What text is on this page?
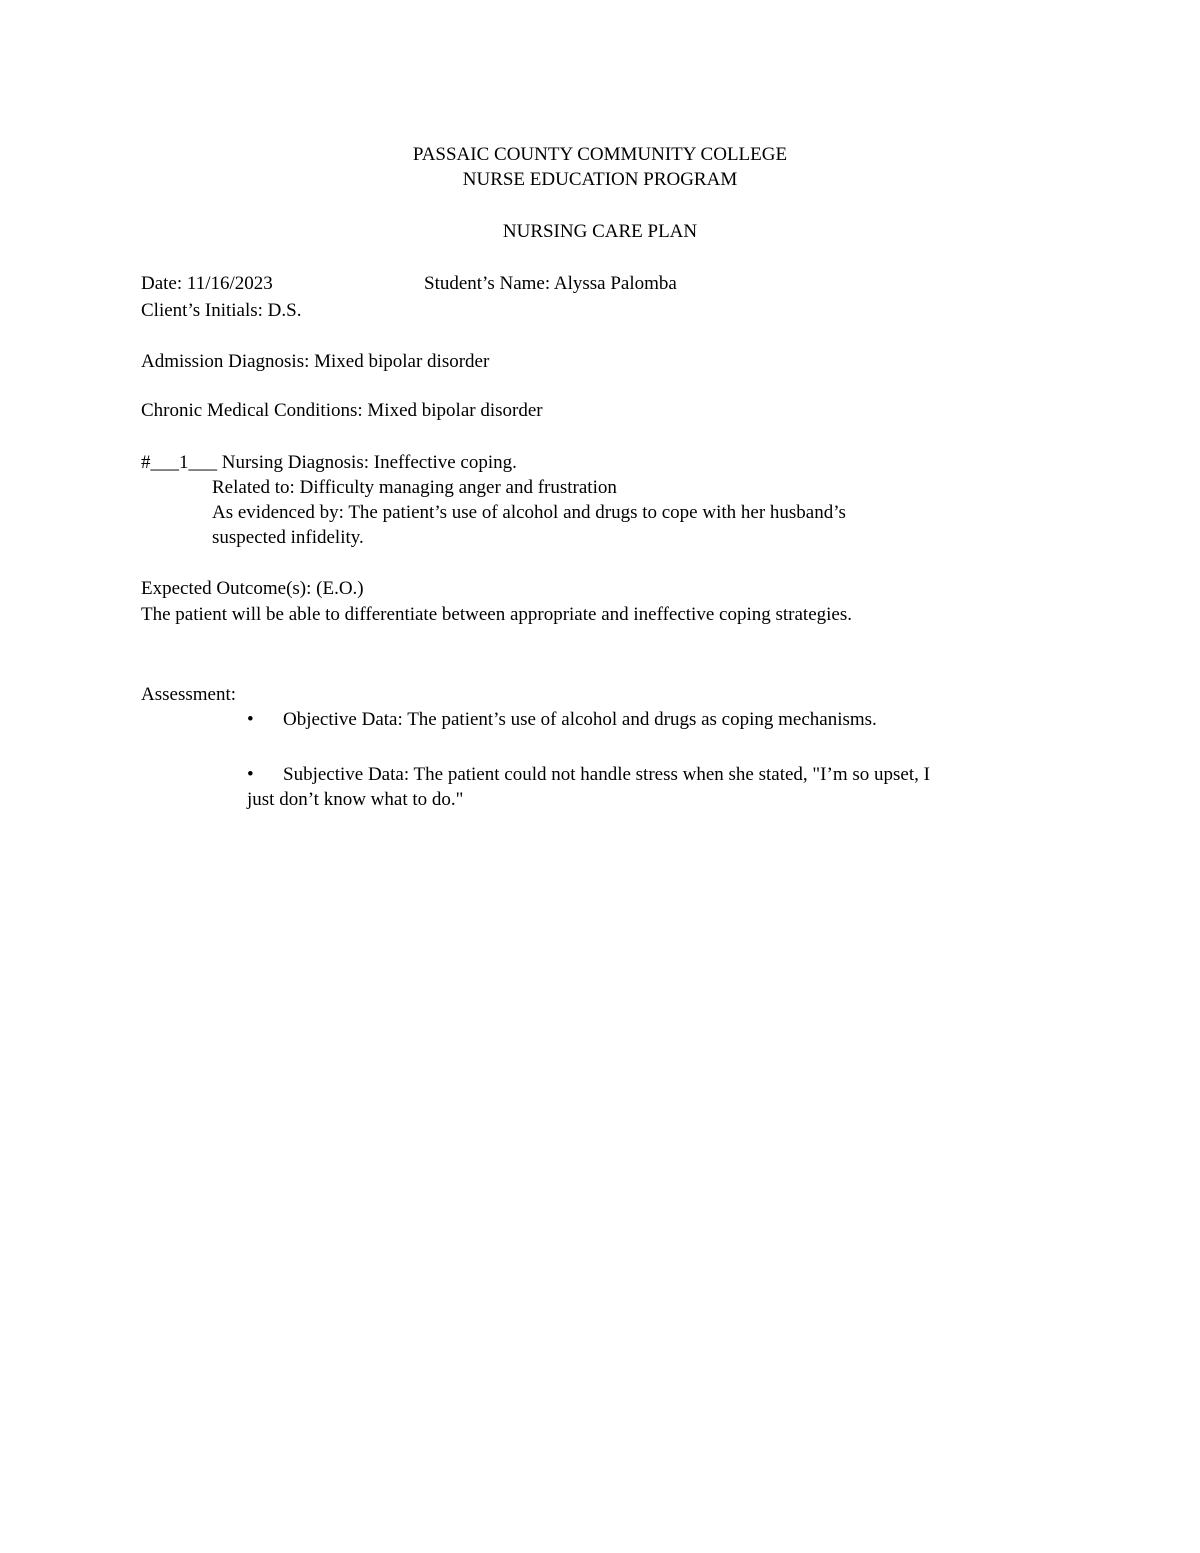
PASSAIC COUNTY COMMUNITY COLLEGE
NURSE EDUCATION PROGRAM
NURSING CARE PLAN
Date: 11/16/2023	Student’s Name: Alyssa Palomba
Client’s Initials: D.S.
Admission Diagnosis: Mixed bipolar disorder
Chronic Medical Conditions: Mixed bipolar disorder
#___1___ Nursing Diagnosis: Ineffective coping.
Related to: Difficulty managing anger and frustration
As evidenced by: The patient’s use of alcohol and drugs to cope with her husband’s
suspected infidelity.
Expected Outcome(s): (E.O.)
The patient will be able to differentiate between appropriate and ineffective coping strategies.
Assessment:
• Objective Data: The patient’s use of alcohol and drugs as coping mechanisms.
• Subjective Data: The patient could not handle stress when she stated, "I’m so upset, I
just don’t know what to do."
